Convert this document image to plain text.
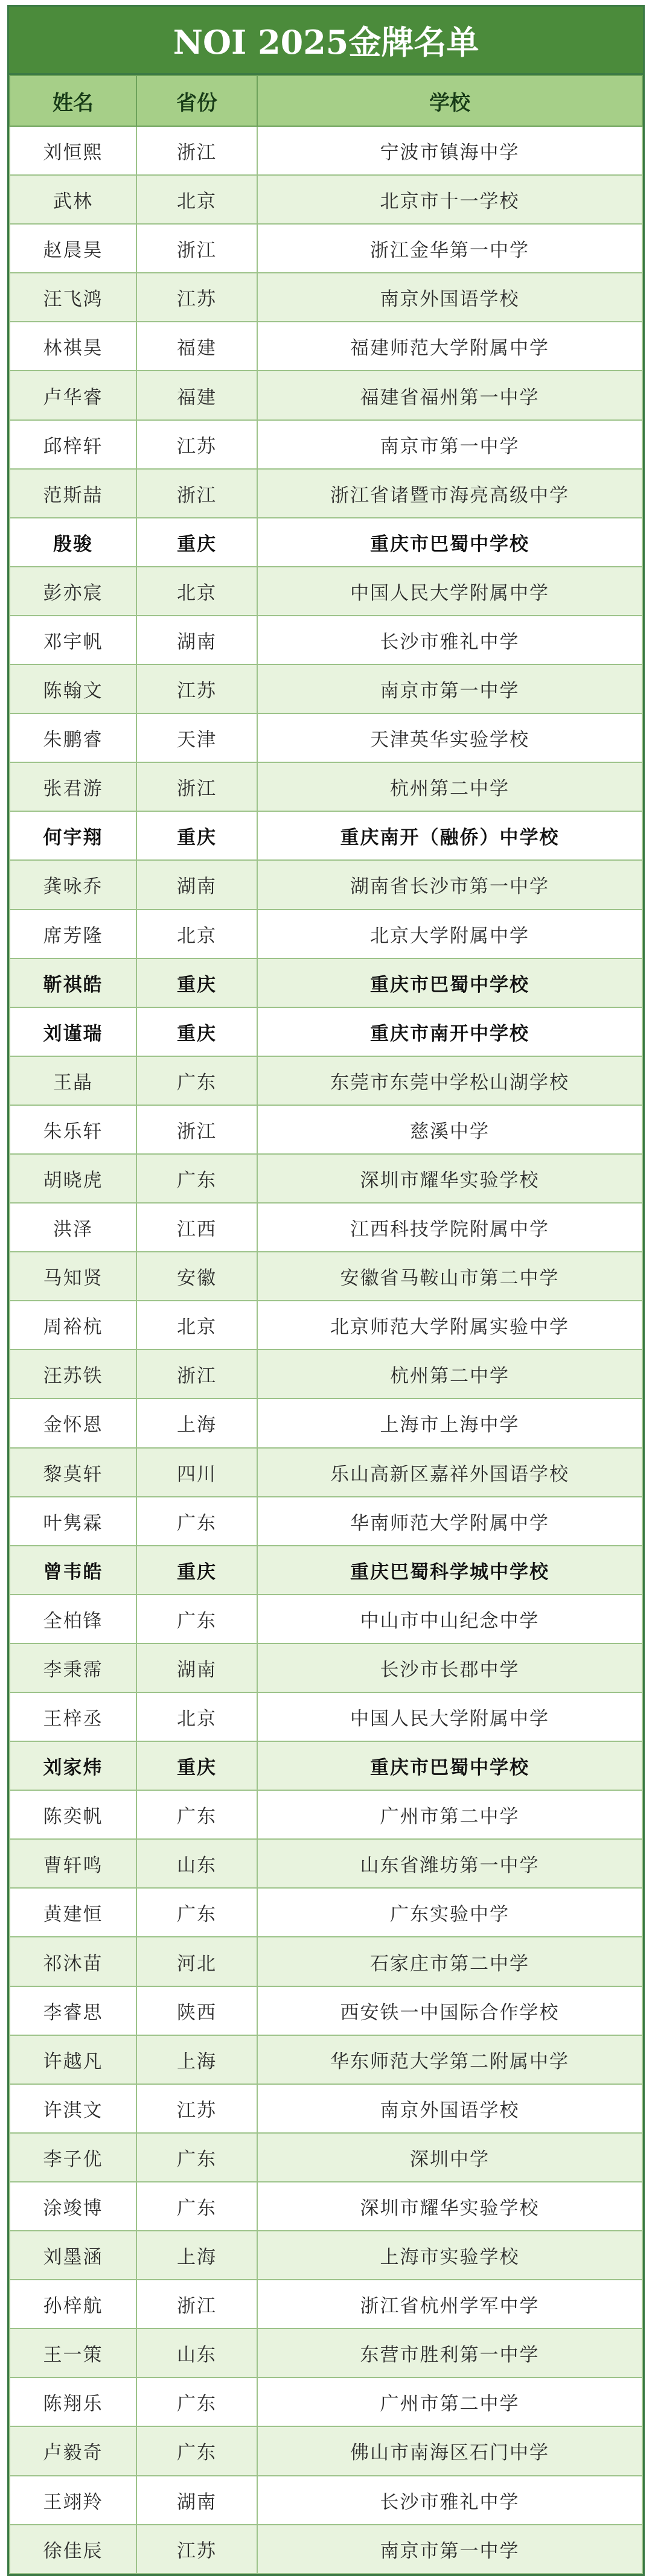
NOI 2025金牌名单
姓名	省份	学校
刘恒熙	浙江	宁波市镇海中学
武林	北京	北京市十一学校
赵晨昊	浙江	浙江金华第一中学
汪飞鸿	江苏	南京外国语学校
林祺昊	福建	福建师范大学附属中学
卢华睿	福建	福建省福州第一中学
邱梓轩	江苏	南京市第一中学
范斯喆	浙江	浙江省诸暨市海亮高级中学
殷骏	重庆	重庆市巴蜀中学校
彭亦宸	北京	中国人民大学附属中学
邓宇帆	湖南	长沙市雅礼中学
陈翰文	江苏	南京市第一中学
朱鹏睿	天津	天津英华实验学校
张君游	浙江	杭州第二中学
何宇翔	重庆	重庆南开（融侨）中学校
龚咏乔	湖南	湖南省长沙市第一中学
席芳隆	北京	北京大学附属中学
靳祺皓	重庆	重庆市巴蜀中学校
刘谨瑞	重庆	重庆市南开中学校
王晶	广东	东莞市东莞中学松山湖学校
朱乐轩	浙江	慈溪中学
胡晓虎	广东	深圳市耀华实验学校
洪泽	江西	江西科技学院附属中学
马知贤	安徽	安徽省马鞍山市第二中学
周裕杭	北京	北京师范大学附属实验中学
汪苏铁	浙江	杭州第二中学
金怀恩	上海	上海市上海中学
黎莫轩	四川	乐山高新区嘉祥外国语学校
叶隽霖	广东	华南师范大学附属中学
曾韦皓	重庆	重庆巴蜀科学城中学校
全柏锋	广东	中山市中山纪念中学
李秉霈	湖南	长沙市长郡中学
王梓丞	北京	中国人民大学附属中学
刘家炜	重庆	重庆市巴蜀中学校
陈奕帆	广东	广州市第二中学
曹轩鸣	山东	山东省潍坊第一中学
黄建恒	广东	广东实验中学
祁沐苗	河北	石家庄市第二中学
李睿思	陕西	西安铁一中国际合作学校
许越凡	上海	华东师范大学第二附属中学
许淇文	江苏	南京外国语学校
李子优	广东	深圳中学
涂竣博	广东	深圳市耀华实验学校
刘墨涵	上海	上海市实验学校
孙梓航	浙江	浙江省杭州学军中学
王一策	山东	东营市胜利第一中学
陈翔乐	广东	广州市第二中学
卢毅奇	广东	佛山市南海区石门中学
王翊羚	湖南	长沙市雅礼中学
徐佳辰	江苏	南京市第一中学
